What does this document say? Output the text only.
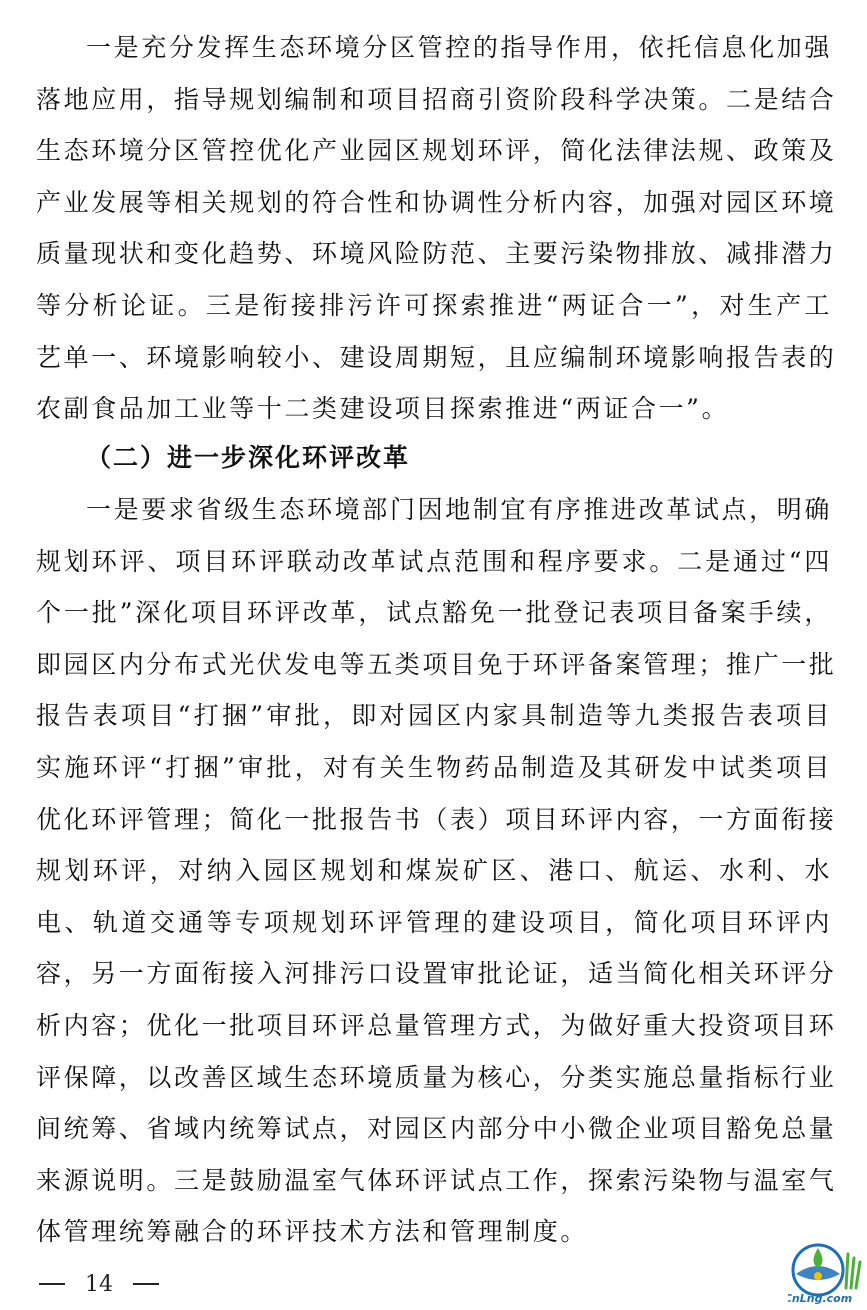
一是充分发挥生态环境分区管控的指导作用，依托信息化加强
落地应用，指导规划编制和项目招商引资阶段科学决策。二是结合
生态环境分区管控优化产业园区规划环评，简化法律法规、政策及
产业发展等相关规划的符合性和协调性分析内容，加强对园区环境
质量现状和变化趋势、环境风险防范、主要污染物排放、减排潜力
等分析论证。三是衔接排污许可探索推进“两证合一”，对生产工
艺单一、环境影响较小、建设周期短，且应编制环境影响报告表的
农副食品加工业等十二类建设项目探索推进“两证合一”。
（二）进一步深化环评改革
一是要求省级生态环境部门因地制宜有序推进改革试点，明确
规划环评、项目环评联动改革试点范围和程序要求。二是通过“四
个一批”深化项目环评改革，试点豁免一批登记表项目备案手续，
即园区内分布式光伏发电等五类项目免于环评备案管理；推广一批
报告表项目“打捆”审批，即对园区内家具制造等九类报告表项目
实施环评“打捆”审批，对有关生物药品制造及其研发中试类项目
优化环评管理；简化一批报告书（表）项目环评内容，一方面衔接
规划环评，对纳入园区规划和煤炭矿区、港口、航运、水利、水
电、轨道交通等专项规划环评管理的建设项目，简化项目环评内
容，另一方面衔接入河排污口设置审批论证，适当简化相关环评分
析内容；优化一批项目环评总量管理方式，为做好重大投资项目环
评保障，以改善区域生态环境质量为核心，分类实施总量指标行业
间统筹、省域内统筹试点，对园区内部分中小微企业项目豁免总量
来源说明。三是鼓励温室气体环评试点工作，探索污染物与温室气
体管理统筹融合的环评技术方法和管理制度。
14
CnLng.com
